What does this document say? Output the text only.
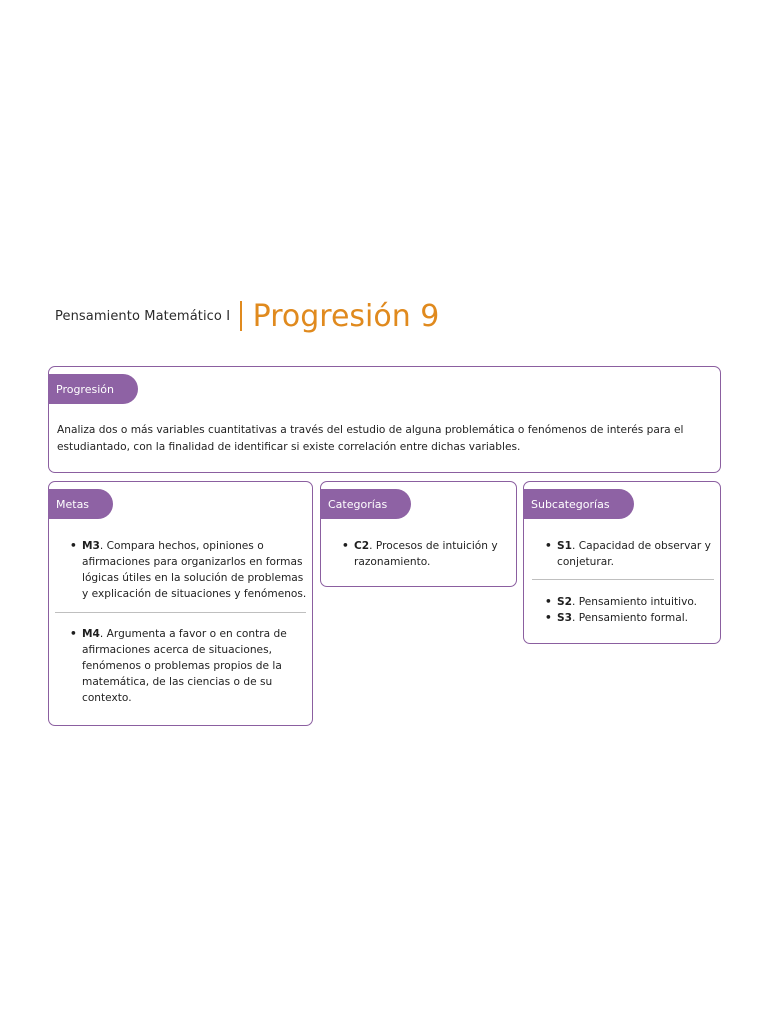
Pensamiento Matemático I Progresión 9
Progresión
Analiza dos o más variables cuantitativas a través del estudio de alguna problemática o fenómenos de interés para el estudiantado, con la finalidad de identificar si existe correlación entre dichas variables.
Metas
• M3. Compara hechos, opiniones o afirmaciones para organizarlos en formas lógicas útiles en la solución de problemas y explicación de situaciones y fenómenos.
• M4. Argumenta a favor o en contra de afirmaciones acerca de situaciones, fenómenos o problemas propios de la matemática, de las ciencias o de su contexto.
Categorías
• C2. Procesos de intuición y razonamiento.
Subcategorías
• S1. Capacidad de observar y conjeturar.
• S2. Pensamiento intuitivo.
• S3. Pensamiento formal.
